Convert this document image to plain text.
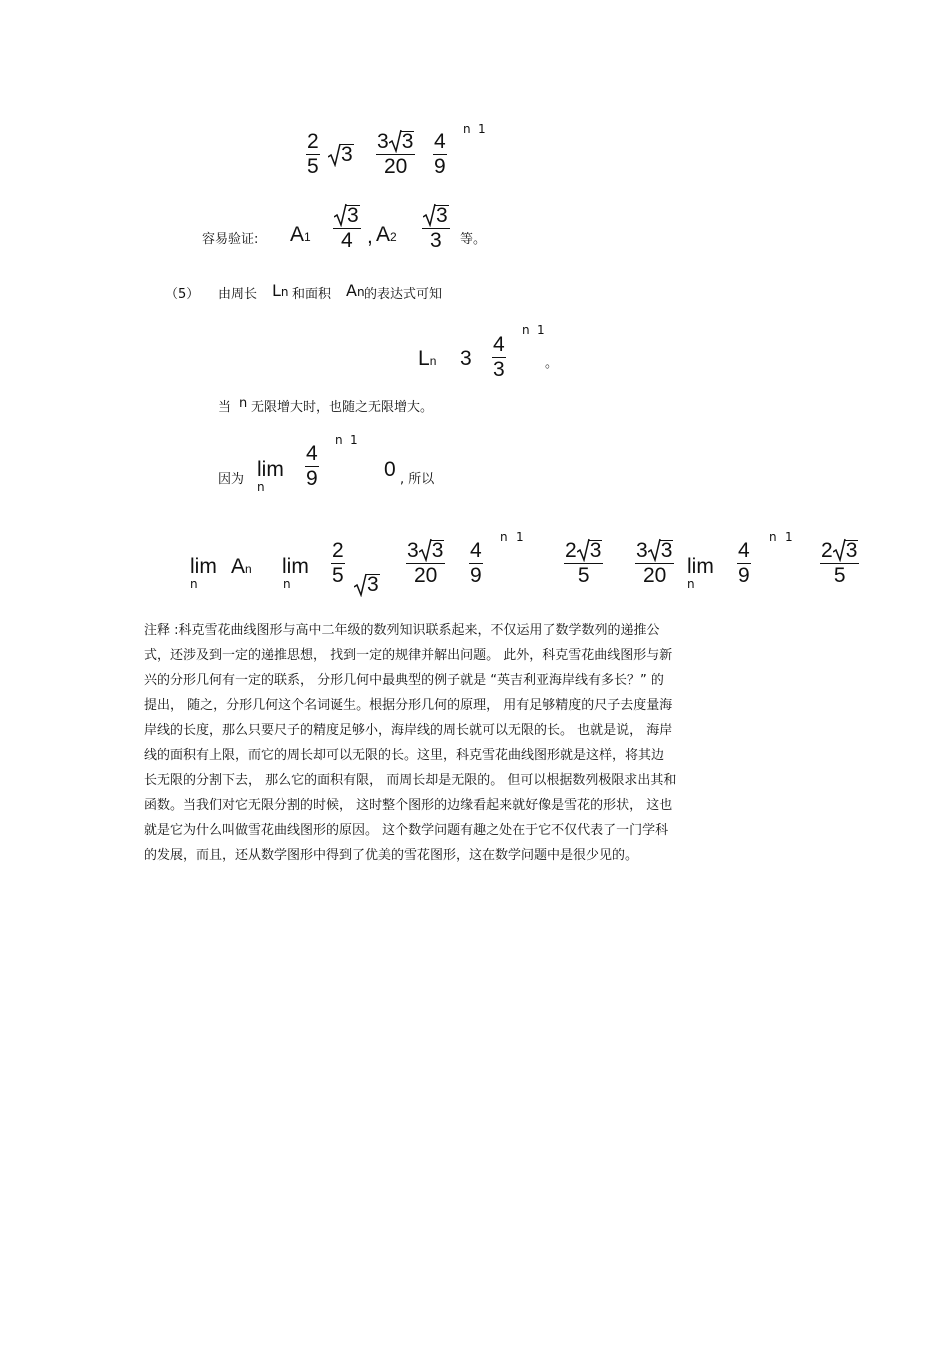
2
5
3
3 3
20
4
9
n 1
容易验证: A1
3
4 , A2
3
3 等。
（5） 由周长 Ln 和面积 An 的表达式可知
Ln 3
4
3
n 1
。
当 n 无限增大时，也随之无限增大。
因为 lim
n
4
9
n 1
0 , 所以
lim
n
An lim
n
2
5 3
3 3
20
4
9
n 1
2 3
5
3 3
20 lim
n
4
9
n 1
2 3
5
注释 :科克雪花曲线图形与高中二年级的数列知识联系起来，不仅运用了数学数列的递推公
式，还涉及到一定的递推思想， 找到一定的规律并解出问题。 此外，科克雪花曲线图形与新
兴的分形几何有一定的联系， 分形几何中最典型的例子就是 “英吉利亚海岸线有多长？” 的
提出， 随之，分形几何这个名词诞生。根据分形几何的原理， 用有足够精度的尺子去度量海
岸线的长度，那么只要尺子的精度足够小，海岸线的周长就可以无限的长。 也就是说， 海岸
线的面积有上限，而它的周长却可以无限的长。这里，科克雪花曲线图形就是这样，将其边
长无限的分割下去， 那么它的面积有限， 而周长却是无限的。 但可以根据数列极限求出其和
函数。当我们对它无限分割的时候， 这时整个图形的边缘看起来就好像是雪花的形状， 这也
就是它为什么叫做雪花曲线图形的原因。 这个数学问题有趣之处在于它不仅代表了一门学科
的发展，而且，还从数学图形中得到了优美的雪花图形，这在数学问题中是很少见的。
